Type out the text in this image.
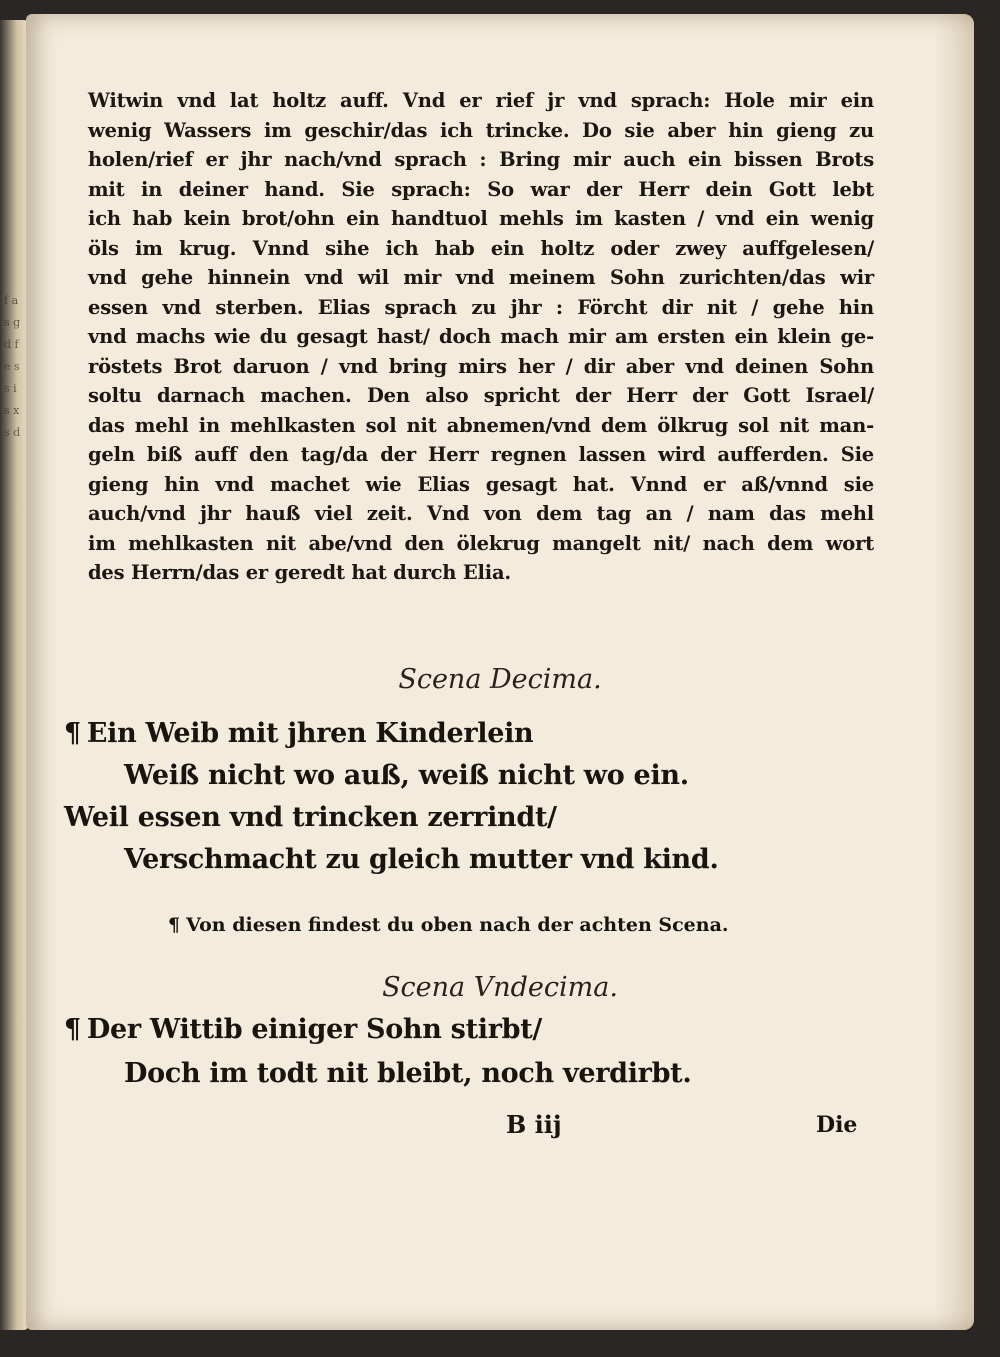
f a s g d f e s s i s x s d
Witwin vnd lat holtz auff. Vnd er rief jr vnd sprach: Hole mir ein
wenig Wassers im geschir/das ich trincke. Do sie aber hin gieng zu
holen/rief er jhr nach/vnd sprach : Bring mir auch ein bissen Brots
mit in deiner hand. Sie sprach: So war der Herr dein Gott lebt
ich hab kein brot/ohn ein handtuol mehls im kasten / vnd ein wenig
öls im krug. Vnnd sihe ich hab ein holtz oder zwey auffgelesen/
vnd gehe hinnein vnd wil mir vnd meinem Sohn zurichten/das wir
essen vnd sterben. Elias sprach zu jhr : Förcht dir nit / gehe hin
vnd machs wie du gesagt hast/ doch mach mir am ersten ein klein ge-
röstets Brot daruon / vnd bring mirs her / dir aber vnd deinen Sohn
soltu darnach machen. Den also spricht der Herr der Gott Israel/
das mehl in mehlkasten sol nit abnemen/vnd dem ölkrug sol nit man-
geln biß auff den tag/da der Herr regnen lassen wird aufferden. Sie
gieng hin vnd machet wie Elias gesagt hat. Vnnd er aß/vnnd sie
auch/vnd jhr hauß viel zeit. Vnd von dem tag an / nam das mehl
im mehlkasten nit abe/vnd den ölekrug mangelt nit/ nach dem wort
des Herrn/das er geredt hat durch Elia.
Scena Decima.
¶ Ein Weib mit jhren Kinderlein
Weiß nicht wo auß, weiß nicht wo ein.
Weil essen vnd trincken zerrindt/
Verschmacht zu gleich mutter vnd kind.
¶ Von diesen findest du oben nach der achten Scena.
Scena Vndecima.
¶ Der Wittib einiger Sohn stirbt/
Doch im todt nit bleibt, noch verdirbt.
B iij	Die
